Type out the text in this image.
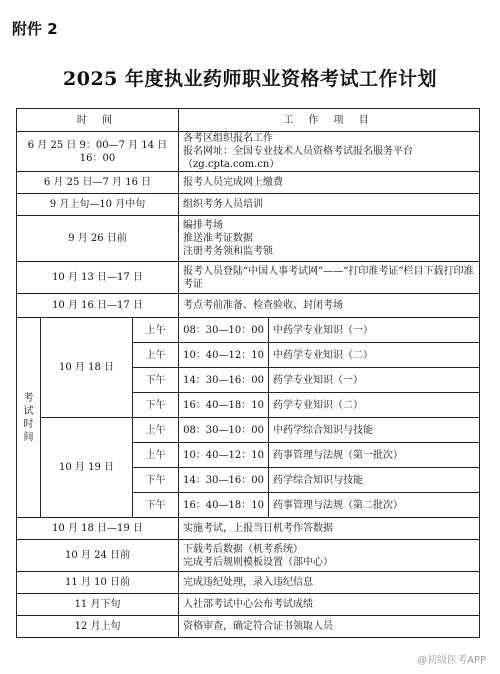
附件 2
2025 年度执业药师职业资格考试工作计划
时 间			工 作 项 目	
6 月 25 日 9：00—7 月 14 日 16：00			各考区组织报名工作
报名网址：全国专业技术人员资格考试报名服务平台（zg.cpta.com.cn）	

6 月 25 日—7 月 16 日			报考人员完成网上缴费	
9 月上旬—10 月中旬			组织考务人员培训	
9 月 26 日前			编排考场
推送准考证数据
注册考务领和监考锁	

10 月 13 日—17 日			报考人员登陆“中国人事考试网”——“打印准考证”栏目下载打印准考证	
10 月 16 日—17 日			考点考前准备、检查验收、封闭考场	
考试时间	10 月 18 日	上午	08：30—10：00	中药学专业知识（一）
		上午	10：40—12：10	中药学专业知识（二）
		下午	14：30—16：00	药学专业知识（一）
		下午	16：40—18：10	药学专业知识（二）
	10 月 19 日	上午	08：30—10：00	中药学综合知识与技能
		上午	10：40—12：10	药事管理与法规（第一批次）
		下午	14：30—16：00	药学综合知识与技能
		下午	16：40—18：10	药事管理与法规（第二批次）
10 月 18 日—19 日			实施考试，上报当日机考作答数据	
10 月 24 日前			下载考后数据（机考系统）
完成考后规则模板设置（部中心）	

11 月 10 日前			完成违纪处理，录入违纪信息	
11 月下旬			人社部考试中心公布考试成绩	
12 月上旬			资格审查，确定符合证书领取人员	
@初级医考APP
